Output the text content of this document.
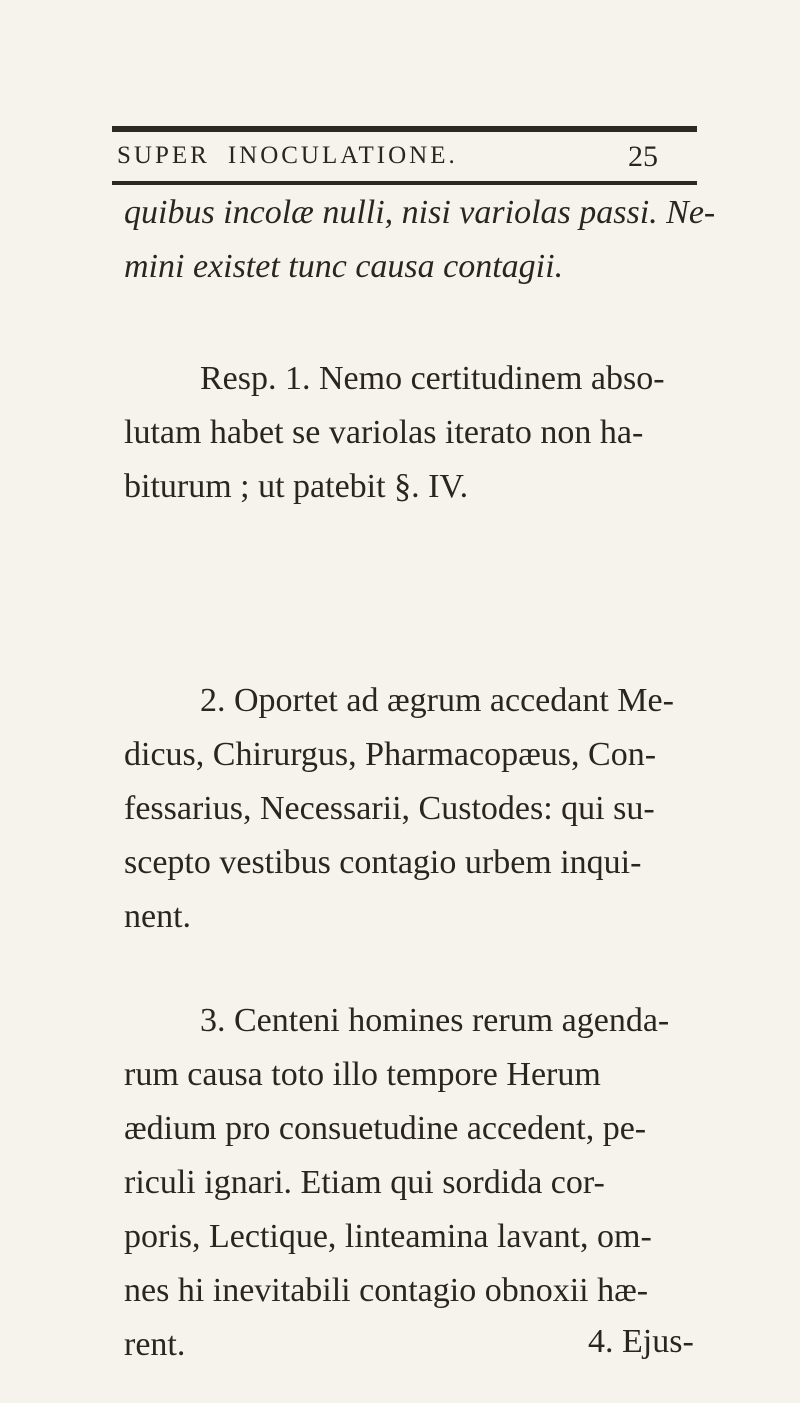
SUPER INOCULATIONE.	25
quibus incolæ nulli, nisi variolas passi. Ne-
mini existet tunc causa contagii.
Resp. 1. Nemo certitudinem abso-
lutam habet se variolas iterato non ha-
biturum ; ut patebit §. IV.
2. Oportet ad ægrum accedant Me-
dicus, Chirurgus, Pharmacopæus, Con-
fessarius, Necessarii, Custodes: qui su-
scepto vestibus contagio urbem inqui-
nent.
3. Centeni homines rerum agenda-
rum causa toto illo tempore Herum
ædium pro consuetudine accedent, pe-
riculi ignari. Etiam qui sordida cor-
poris, Lectique, linteamina lavant, om-
nes hi inevitabili contagio obnoxii hæ-
rent.	4. Ejus-
